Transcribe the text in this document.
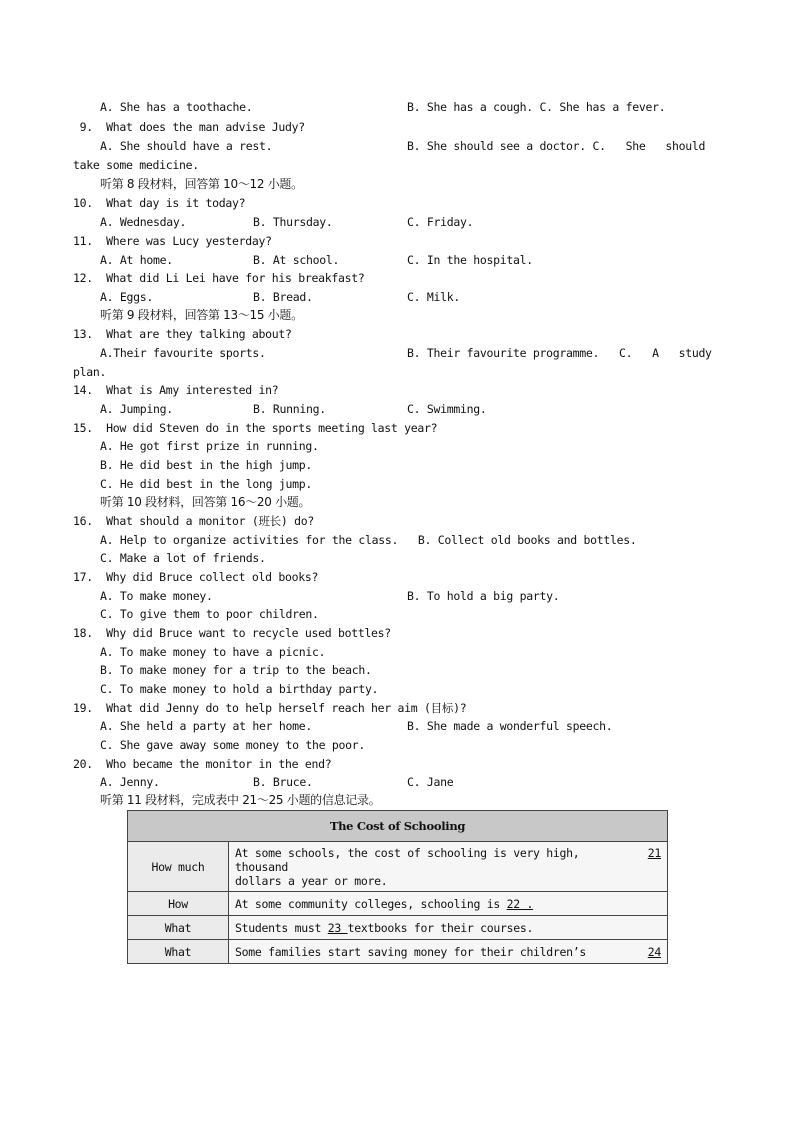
A. She has a toothache.	B. She has a cough. C. She has a fever.
9.  What does the man advise Judy?
A. She should have a rest.	B. She should see a doctor. C.   She   should
take some medicine.
听第 8 段材料，回答第 10～12 小题。
10.  What day is it today?
A. Wednesday.	B. Thursday.	C. Friday.
11.  Where was Lucy yesterday?
A. At home.	B. At school.	C. In the hospital.
12.  What did Li Lei have for his breakfast?
A. Eggs.	B. Bread.	C. Milk.
听第 9 段材料，回答第 13～15 小题。
13.  What are they talking about?
A.Their favourite sports.	B. Their favourite programme.   C.   A   study
plan.
14.  What is Amy interested in?
A. Jumping.	B. Running.	C. Swimming.
15.  How did Steven do in the sports meeting last year?
A. He got first prize in running.
B. He did best in the high jump.
C. He did best in the long jump.
听第 10 段材料，回答第 16～20 小题。
16.  What should a monitor (班长) do?
A. Help to organize activities for the class.   B. Collect old books and bottles.
C. Make a lot of friends.
17.  Why did Bruce collect old books?
A. To make money.	B. To hold a big party.
C. To give them to poor children.
18.  Why did Bruce want to recycle used bottles?
A. To make money to have a picnic.
B. To make money for a trip to the beach.
C. To make money to hold a birthday party.
19.  What did Jenny do to help herself reach her aim (目标)?
A. She held a party at her home.	B. She made a wonderful speech.
C. She gave away some money to the poor.
20.  Who became the monitor in the end?
A. Jenny.	B. Bruce.	C. Jane
听第 11 段材料，完成表中 21～25 小题的信息记录。
The Cost of Schooling	
How much	At some schools, the cost of schooling is very high, 21
thousand
dollars a year or more.

How	At some community colleges, schooling is 22 .
What	Students must 23 textbooks for their courses.
What	Some families start saving money for their children’s 24
